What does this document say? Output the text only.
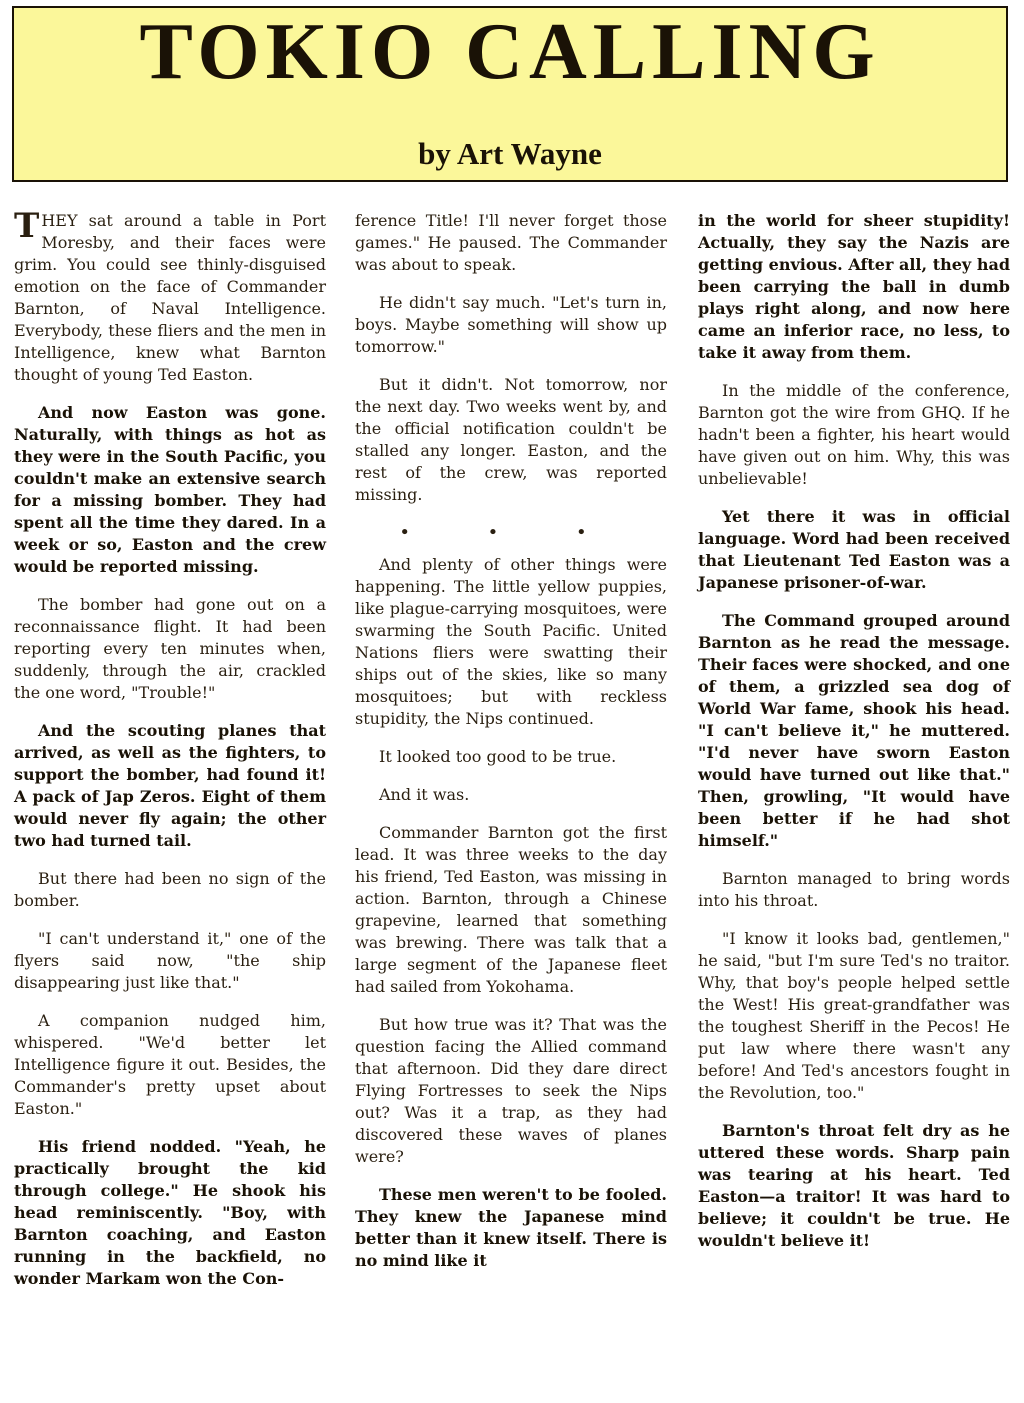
TOKIO CALLING
by Art Wayne

THEY sat around a table in Port Moresby, and their faces were grim. You could see thinly-disguised emotion on the face of Commander Barnton, of Naval Intelligence. Everybody, these fliers and the men in Intelligence, knew what Barnton thought of young Ted Easton.

And now Easton was gone. Naturally, with things as hot as they were in the South Pacific, you couldn't make an extensive search for a missing bomber. They had spent all the time they dared. In a week or so, Easton and the crew would be reported missing.

The bomber had gone out on a reconnaissance flight. It had been reporting every ten minutes when, suddenly, through the air, crackled the one word, "Trouble!"

And the scouting planes that arrived, as well as the fighters, to support the bomber, had found it! A pack of Jap Zeros. Eight of them would never fly again; the other two had turned tail.

But there had been no sign of the bomber.

"I can't understand it," one of the flyers said now, "the ship disappearing just like that."

A companion nudged him, whispered. "We'd better let Intelligence figure it out. Besides, the Commander's pretty upset about Easton."

His friend nodded. "Yeah, he practically brought the kid through college." He shook his head reminiscently. "Boy, with Barnton coaching, and Easton running in the backfield, no wonder Markam won the Con-

ference Title! I'll never forget those games." He paused. The Commander was about to speak.

He didn't say much. "Let's turn in, boys. Maybe something will show up tomorrow."

But it didn't. Not tomorrow, nor the next day. Two weeks went by, and the official notification couldn't be stalled any longer. Easton, and the rest of the crew, was reported missing.

• • •

And plenty of other things were happening. The little yellow puppies, like plague-carrying mosquitoes, were swarming the South Pacific. United Nations fliers were swatting their ships out of the skies, like so many mosquitoes; but with reckless stupidity, the Nips continued.

It looked too good to be true.

And it was.

Commander Barnton got the first lead. It was three weeks to the day his friend, Ted Easton, was missing in action. Barnton, through a Chinese grapevine, learned that something was brewing. There was talk that a large segment of the Japanese fleet had sailed from Yokohama.

But how true was it? That was the question facing the Allied command that afternoon. Did they dare direct Flying Fortresses to seek the Nips out? Was it a trap, as they had discovered these waves of planes were?

These men weren't to be fooled. They knew the Japanese mind better than it knew itself. There is no mind like it

in the world for sheer stupidity! Actually, they say the Nazis are getting envious. After all, they had been carrying the ball in dumb plays right along, and now here came an inferior race, no less, to take it away from them.

In the middle of the conference, Barnton got the wire from GHQ. If he hadn't been a fighter, his heart would have given out on him. Why, this was unbelievable!

Yet there it was in official language. Word had been received that Lieutenant Ted Easton was a Japanese prisoner-of-war.

The Command grouped around Barnton as he read the message. Their faces were shocked, and one of them, a grizzled sea dog of World War fame, shook his head. "I can't believe it," he muttered. "I'd never have sworn Easton would have turned out like that." Then, growling, "It would have been better if he had shot himself."

Barnton managed to bring words into his throat.

"I know it looks bad, gentlemen," he said, "but I'm sure Ted's no traitor. Why, that boy's people helped settle the West! His great-grandfather was the toughest Sheriff in the Pecos! He put law where there wasn't any before! And Ted's ancestors fought in the Revolution, too."

Barnton's throat felt dry as he uttered these words. Sharp pain was tearing at his heart. Ted Easton—a traitor! It was hard to believe; it couldn't be true. He wouldn't believe it!
